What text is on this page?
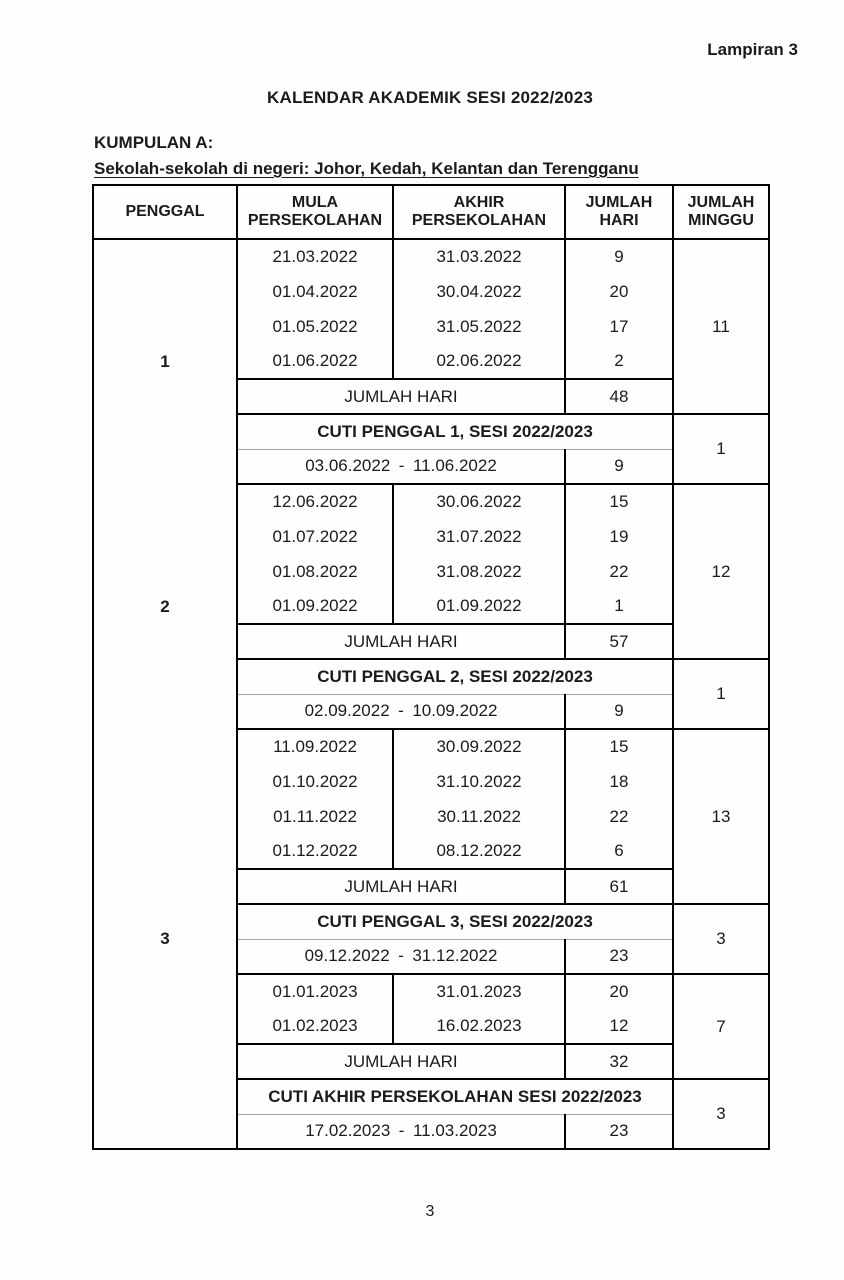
Lampiran 3
KALENDAR AKADEMIK SESI 2022/2023
KUMPULAN A:
Sekolah-sekolah di negeri: Johor, Kedah, Kelantan dan Terengganu
PENGGAL	MULA PERSEKOLAHAN	AKHIR PERSEKOLAHAN	JUMLAH HARI	JUMLAH MINGGU
1	21.03.2022	31.03.2022	9	11
	01.04.2022	30.04.2022	20	
	01.05.2022	31.05.2022	17	
	01.06.2022	02.06.2022	2	
	JUMLAH HARI		48	
	CUTI PENGGAL 1, SESI 2022/2023			1
	03.06.2022 - 11.06.2022		9	
2	12.06.2022	30.06.2022	15	12
	01.07.2022	31.07.2022	19	
	01.08.2022	31.08.2022	22	
	01.09.2022	01.09.2022	1	
	JUMLAH HARI		57	
	CUTI PENGGAL 2, SESI 2022/2023			1
	02.09.2022 - 10.09.2022		9	
3	11.09.2022	30.09.2022	15	13
	01.10.2022	31.10.2022	18	
	01.11.2022	30.11.2022	22	
	01.12.2022	08.12.2022	6	
	JUMLAH HARI		61	
	CUTI PENGGAL 3, SESI 2022/2023			3
	09.12.2022 - 31.12.2022		23	
	01.01.2023	31.01.2023	20	7
	01.02.2023	16.02.2023	12	
	JUMLAH HARI		32	
	CUTI AKHIR PERSEKOLAHAN SESI 2022/2023			3
	17.02.2023 - 11.03.2023		23	
3
